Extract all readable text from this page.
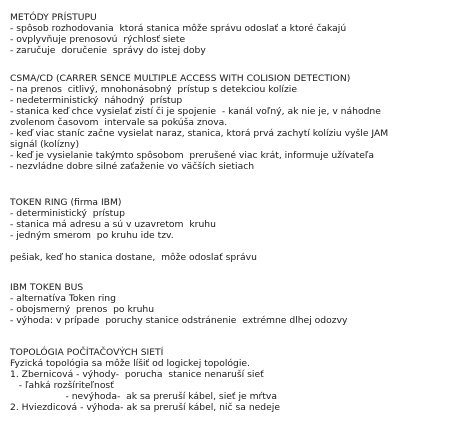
METÓDY PRÍSTUPU
- spôsob rozhodovania  ktorá stanica môže správu odoslať a ktoré čakajú
- ovplyvňuje prenosovú  rýchlosť siete
- zaručuje  doručenie  správy do istej doby
CSMA/CD (CARRER SENCE MULTIPLE ACCESS WITH COLISION DETECTION)
- na prenos  citlivý, mnohonásobný  prístup s detekciou kolízie
- nedeterministický  náhodný  prístup
- stanica keď chce vysielať zistí či je spojenie  - kanál voľný, ak nie je, v náhodne
zvolenom časovom  intervale sa pokúša znova.
- keď viac staníc začne vysielat naraz, stanica, ktorá prvá zachytí kolíziu vyšle JAM
signál (kolízny)
- keď je vysielanie takýmto spôsobom  prerušené viac krát, informuje užívateľa
- nezvládne dobre silné zaťaženie vo väčších sietiach
TOKEN RING (firma IBM)
- deterministický  prístup
- stanica má adresu a sú v uzavretom  kruhu
- jedným smerom  po kruhu ide tzv.
pešiak, keď ho stanica dostane,  môže odoslať správu
IBM TOKEN BUS
- alternatíva Token ring
- obojsmerný  prenos  po kruhu
- výhoda: v prípade  poruchy stanice odstránenie  extrémne dlhej odozvy
TOPOLÓGIA POČÍTAČOVÝCH SIETÍ
Fyzická topológia sa môže líšiť od logickej topológie.
1. Zbernicová - výhody-  porucha  stanice nenaruší sieť
- ľahká rozšíriteľnosť
- nevýhoda-  ak sa preruší kábel, sieť je mŕtva
2. Hviezdicová - výhoda- ak sa preruší kábel, nič sa nedeje
